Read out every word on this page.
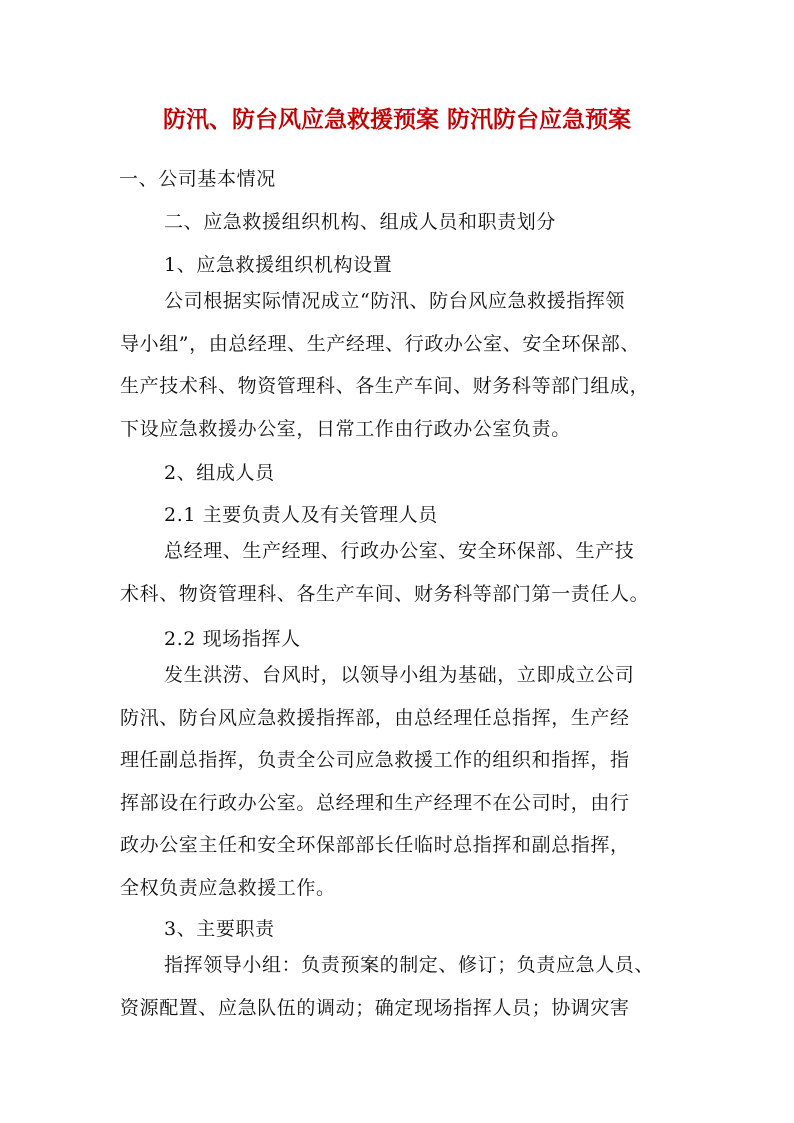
防汛、防台风应急救援预案 防汛防台应急预案
一、公司基本情况
二、应急救援组织机构、组成人员和职责划分
1、应急救援组织机构设置
公司根据实际情况成立“防汛、防台风应急救援指挥领
导小组”，由总经理、生产经理、行政办公室、安全环保部、
生产技术科、物资管理科、各生产车间、财务科等部门组成，
下设应急救援办公室，日常工作由行政办公室负责。
2、组成人员
2.1 主要负责人及有关管理人员
总经理、生产经理、行政办公室、安全环保部、生产技
术科、物资管理科、各生产车间、财务科等部门第一责任人。
2.2 现场指挥人
发生洪涝、台风时，以领导小组为基础，立即成立公司
防汛、防台风应急救援指挥部，由总经理任总指挥，生产经
理任副总指挥，负责全公司应急救援工作的组织和指挥，指
挥部设在行政办公室。总经理和生产经理不在公司时，由行
政办公室主任和安全环保部部长任临时总指挥和副总指挥，
全权负责应急救援工作。
3、主要职责
指挥领导小组：负责预案的制定、修订；负责应急人员、
资源配置、应急队伍的调动；确定现场指挥人员；协调灾害
